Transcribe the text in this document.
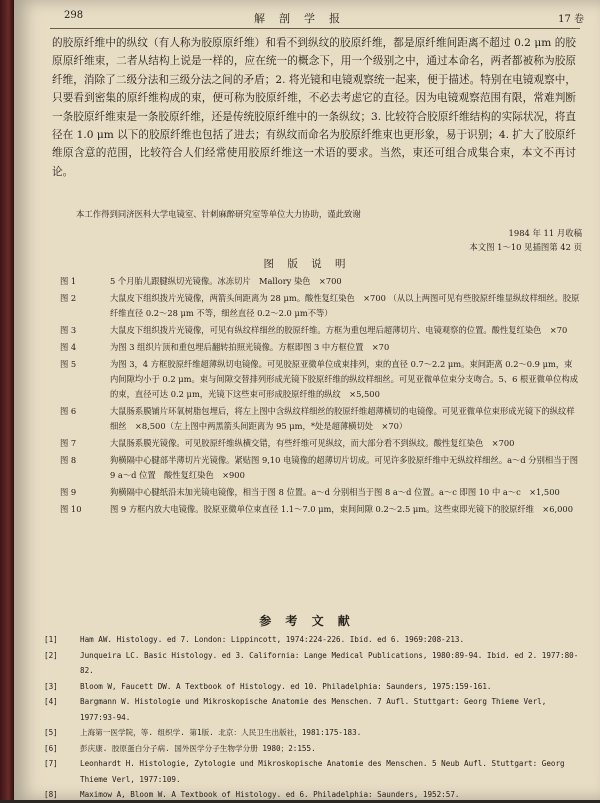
298	解剖学报	17 卷

的胶原纤维中的纵纹（有人称为胶原原纤维）和看不到纵纹的胶原纤维，都是原纤维间距离不超过 0.2 μm 的胶原原纤维束，二者从结构上说是一样的，应在统一的概念下，用一个级别之中，通过本命名，两者都被称为胶原纤维，消除了二级分法和三级分法之间的矛盾；2. 将光镜和电镜观察统一起来，便于描述。特别在电镜观察中，只要看到密集的原纤维构成的束，便可称为胶原纤维，不必去考虑它的直径。因为电镜观察范围有限，常难判断一条胶原纤维束是一条胶原纤维，还是传统胶原纤维中的一条纵纹；3. 比较符合胶原纤维结构的实际状况，将直径在 1.0 μm 以下的胶原纤维也包括了进去；有纵纹而命名为胶原纤维束也更形象，易于识别；4. 扩大了胶原纤维原含意的范围，比较符合人们经常使用胶原纤维这一术语的要求。当然，束还可组合成集合束，本文不再讨论。

本工作得到同济医科大学电镜室、针刺麻醉研究室等单位大力协助，谨此致谢

1984 年 11 月收稿
本文图 1～10 见插图第 42 页
图 版 说 明
图 1	5 个月胎儿跟腱纵切光镜像。冰冻切片　Mallory 染色　×700
图 2	大鼠皮下组织拨片光镜像，两箭头间距离为 28 μm。酸性复红染色　×700 （从以上两图可见有些胶原纤维显纵纹样细丝。胶原纤维直径 0.2～28 μm 不等，细丝直径 0.2～2.0 μm不等）
图 3	大鼠皮下组织拨片光镜像，可见有纵纹样细丝的胶原纤维。方框为重包埋后超薄切片、电镜观察的位置。酸性复红染色　×70
图 4	为图 3 组织片顶和重包埋后翻转拍照光镜像。方框即图 3 中方框位置　×70
图 5	为图 3，4 方框胶原纤维超薄纵切电镜像。可见胶原亚微单位成束排列，束的直径 0.7～2.2 μm。束间距离 0.2～0.9 μm，束内间隙均小于 0.2 μm。束与间隙交替排列形成光镜下胶原纤维的纵纹样细丝。可见亚微单位束分支吻合。5、6 根亚微单位构成的束，直径可达 0.2 μm，光镜下这些束可形成胶原纤维的纵纹　×5,500
图 6	大鼠肠系膜铺片环氧树脂包埋后，将左上图中含纵纹样细丝的胶原纤维超薄横切的电镜像。可见亚微单位束形成光镜下的纵纹样细丝　×8,500（左上图中两黑箭头间距离为 95 μm，*处是超薄横切处　×70）
图 7	大鼠肠系膜光镜像。可见胶原纤维纵横交错，有些纤维可见纵纹，而大部分看不到纵纹。酸性复红染色　×700
图 8	狗横隔中心腱部半薄切片光镜像。紧贴图 9,10 电镜像的超薄切片切成。可见许多胶原纤维中无纵纹样细丝。a～d 分别相当于图 9 a～d 位置　酸性复红染色　×900
图 9	狗横隔中心腱纸沿末加光镜电镜像，相当于图 8 位置。a～d 分别相当于图 8 a～d 位置。a～c 即图 10 中 a～c　×1,500
图 10	图 9 方框内放大电镜像。胶原亚微单位束直径 1.1～7.0 μm，束间间隙 0.2～2.5 μm。这些束即光镜下的胶原纤维　×6,000
参 考 文 献
[1]	Ham AW. Histology. ed 7. London: Lippincott, 1974:224-226. Ibid. ed 6. 1969:208-213.
[2]	Junqueira LC. Basic Histology. ed 3. California: Lange Medical Publications, 1980:89-94. Ibid. ed 2. 1977:80-82.
[3]	Bloom W, Faucett DW. A Textbook of Histology. ed 10. Philadelphia: Saunders, 1975:159-161.
[4]	Bargmann W. Histologie und Mikroskopische Anatomie des Menschen. 7 Aufl. Stuttgart: Georg Thieme Verl, 1977:93-94.
[5]	上海第一医学院，等. 组织学. 第1版. 北京：人民卫生出版社，1981:175-183.
[6]	彭庆康. 胶原蛋白分子病. 国外医学分子生物学分册 1980；2:155.
[7]	Leonhardt H. Histologie, Zytologie und Mikroskopische Anatomie des Menschen. 5 Neub Aufl. Stuttgart: Georg Thieme Verl, 1977:109.
[8]	Maximow A, Bloom W. A Textbook of Histology. ed 6. Philadelphia: Saunders, 1952:57.
